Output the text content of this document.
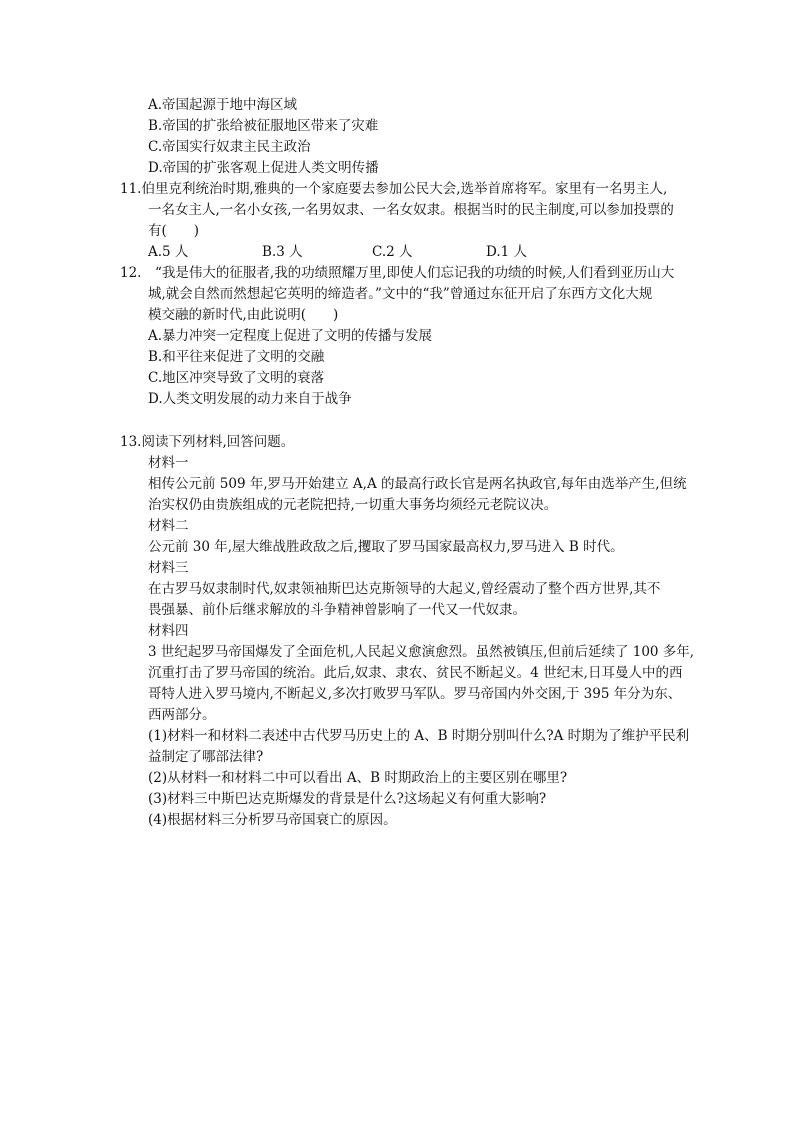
A.帝国起源于地中海区域
B.帝国的扩张给被征服地区带来了灾难
C.帝国实行奴隶主民主政治
D.帝国的扩张客观上促进人类文明传播
11.伯里克利统治时期,雅典的一个家庭要去参加公民大会,选举首席将军。家里有一名男主人,
一名女主人,一名小女孩,一名男奴隶、一名女奴隶。根据当时的民主制度,可以参加投票的
有(　　)
A.5 人	B.3 人	C.2 人	D.1 人
12.　“我是伟大的征服者,我的功绩照耀万里,即使人们忘记我的功绩的时候,人们看到亚历山大
城,就会自然而然想起它英明的缔造者。”文中的“我”曾通过东征开启了东西方文化大规
模交融的新时代,由此说明(　　)
A.暴力冲突一定程度上促进了文明的传播与发展
B.和平往来促进了文明的交融
C.地区冲突导致了文明的衰落
D.人类文明发展的动力来自于战争
13.阅读下列材料,回答问题。
材料一
相传公元前 509 年,罗马开始建立 A,A 的最高行政长官是两名执政官,每年由选举产生,但统
治实权仍由贵族组成的元老院把持,一切重大事务均须经元老院议决。
材料二
公元前 30 年,屋大维战胜政敌之后,攫取了罗马国家最高权力,罗马进入 B 时代。
材料三
在古罗马奴隶制时代,奴隶领袖斯巴达克斯领导的大起义,曾经震动了整个西方世界,其不
畏强暴、前仆后继求解放的斗争精神曾影响了一代又一代奴隶。
材料四
3 世纪起罗马帝国爆发了全面危机,人民起义愈演愈烈。虽然被镇压,但前后延续了 100 多年,
沉重打击了罗马帝国的统治。此后,奴隶、隶农、贫民不断起义。4 世纪末,日耳曼人中的西
哥特人进入罗马境内,不断起义,多次打败罗马军队。罗马帝国内外交困,于 395 年分为东、
西两部分。
(1)材料一和材料二表述中古代罗马历史上的 A、B 时期分别叫什么?A 时期为了维护平民利
益制定了哪部法律?
(2)从材料一和材料二中可以看出 A、B 时期政治上的主要区别在哪里?
(3)材料三中斯巴达克斯爆发的背景是什么?这场起义有何重大影响?
(4)根据材料三分析罗马帝国衰亡的原因。
